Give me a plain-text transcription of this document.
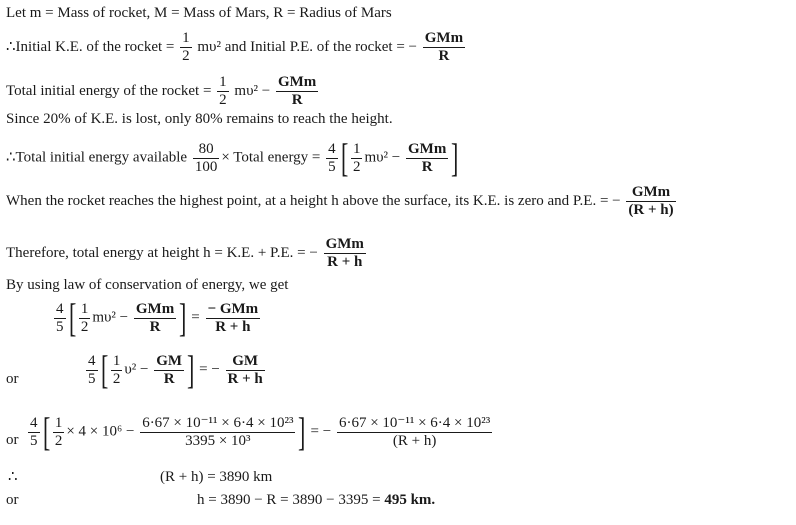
Let m = Mass of rocket, M = Mass of Mars, R = Radius of Mars
∴Initial K.E. of the rocket = $\frac{1}{2} m\upsilon^2$ and Initial P.E. of the rocket = − $\frac{\text{GMm}}{R}$
Total initial energy of the rocket = $\frac{1}{2} m\upsilon^2 - \frac{\text{GMm}}{R}$
Since 20% of K.E. is lost, only 80% remains to reach the height.
∴Total initial energy available $\frac{80}{100}$ × Total energy = $\frac{4}{5}$ [ $\frac{1}{2} m\upsilon^2 - \frac{\text{GMm}}{R}$ ]
When the rocket reaches the highest point, at a height h above the surface, its K.E. is zero and P.E. = − $\frac{\text{GMm}}{(R + h)}$
Therefore, total energy at height h = K.E. + P.E. = − $\frac{\text{GMm}}{R + h}$
By using law of conservation of energy, we get
$\frac{4}{5}$ [ $\frac{1}{2} m\upsilon^2 - \frac{\text{GMm}}{R}$ ] = $\frac{\text{− GMm}}{R + h}$
or	$\frac{4}{5}$ [ $\frac{1}{2} \upsilon^2 - \frac{GM}{R}$ ] = − $\frac{GM}{R + h}$
or $\frac{4}{5}$ [ $\frac{1}{2} \times 4 \times 10^6 - \frac{\text{6·67 × 10⁻¹¹ × 6·4 × 10²³}}{\text{3395 × 10³}}$ ] = − $\frac{\text{6·67 × 10⁻¹¹ × 6·4 × 10²³}}{(R + h)}$
∴	(R + h) = 3890 km
or	h = 3890 − R = 3890 − 3395 = 495 km.
